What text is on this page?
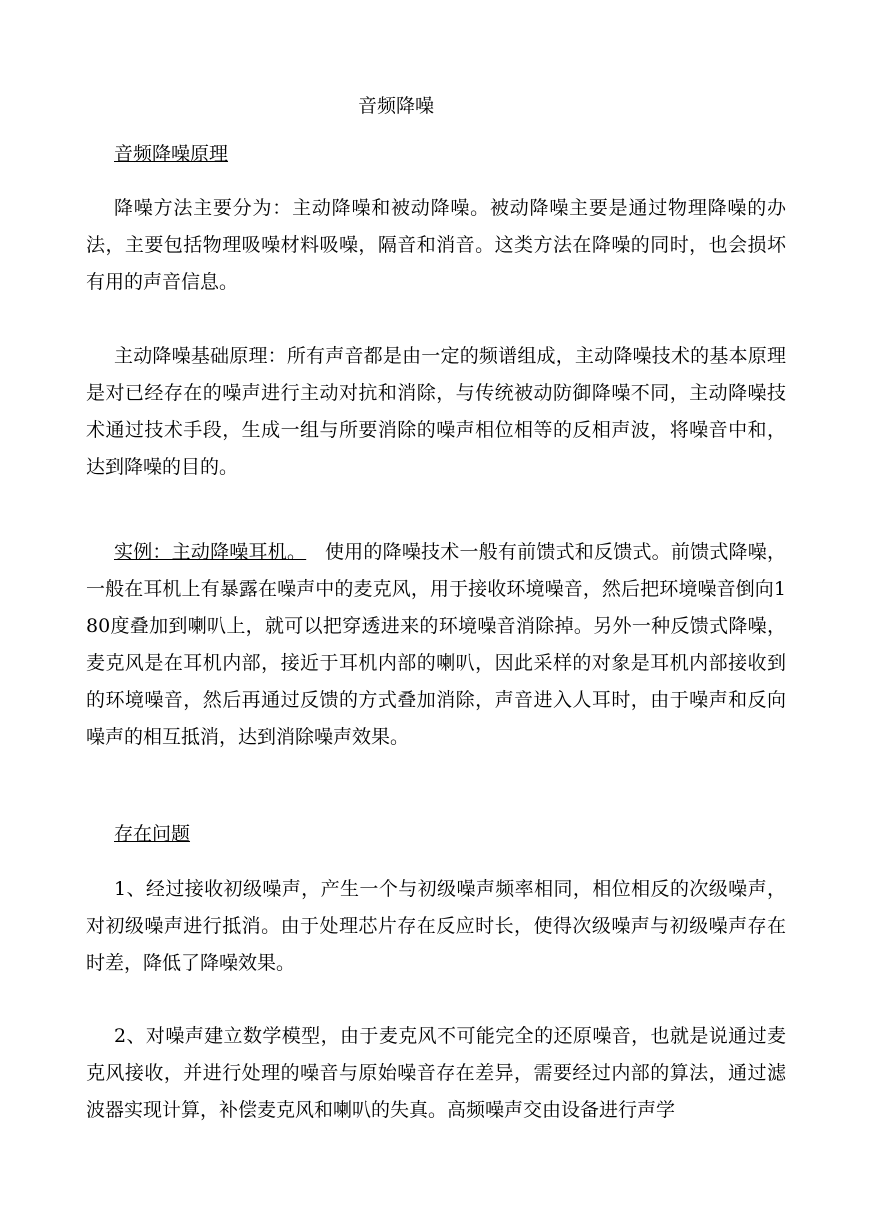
音频降噪
音频降噪原理

降噪方法主要分为：主动降噪和被动降噪。被动降噪主要是通过物理降噪的办法，主要包括物理吸噪材料吸噪，隔音和消音。这类方法在降噪的同时，也会损坏有用的声音信息。

主动降噪基础原理：所有声音都是由一定的频谱组成，主动降噪技术的基本原理是对已经存在的噪声进行主动对抗和消除，与传统被动防御降噪不同，主动降噪技术通过技术手段，生成一组与所要消除的噪声相位相等的反相声波，将噪音中和，达到降噪的目的。

实例：主动降噪耳机。 使用的降噪技术一般有前馈式和反馈式。前馈式降噪，一般在耳机上有暴露在噪声中的麦克风，用于接收环境噪音，然后把环境噪音倒向180度叠加到喇叭上，就可以把穿透进来的环境噪音消除掉。另外一种反馈式降噪，麦克风是在耳机内部，接近于耳机内部的喇叭，因此采样的对象是耳机内部接收到的环境噪音，然后再通过反馈的方式叠加消除，声音进入人耳时，由于噪声和反向噪声的相互抵消，达到消除噪声效果。

存在问题

1、经过接收初级噪声，产生一个与初级噪声频率相同，相位相反的次级噪声，对初级噪声进行抵消。由于处理芯片存在反应时长，使得次级噪声与初级噪声存在时差，降低了降噪效果。

2、对噪声建立数学模型，由于麦克风不可能完全的还原噪音，也就是说通过麦克风接收，并进行处理的噪音与原始噪音存在差异，需要经过内部的算法，通过滤波器实现计算，补偿麦克风和喇叭的失真。高频噪声交由设备进行声学
